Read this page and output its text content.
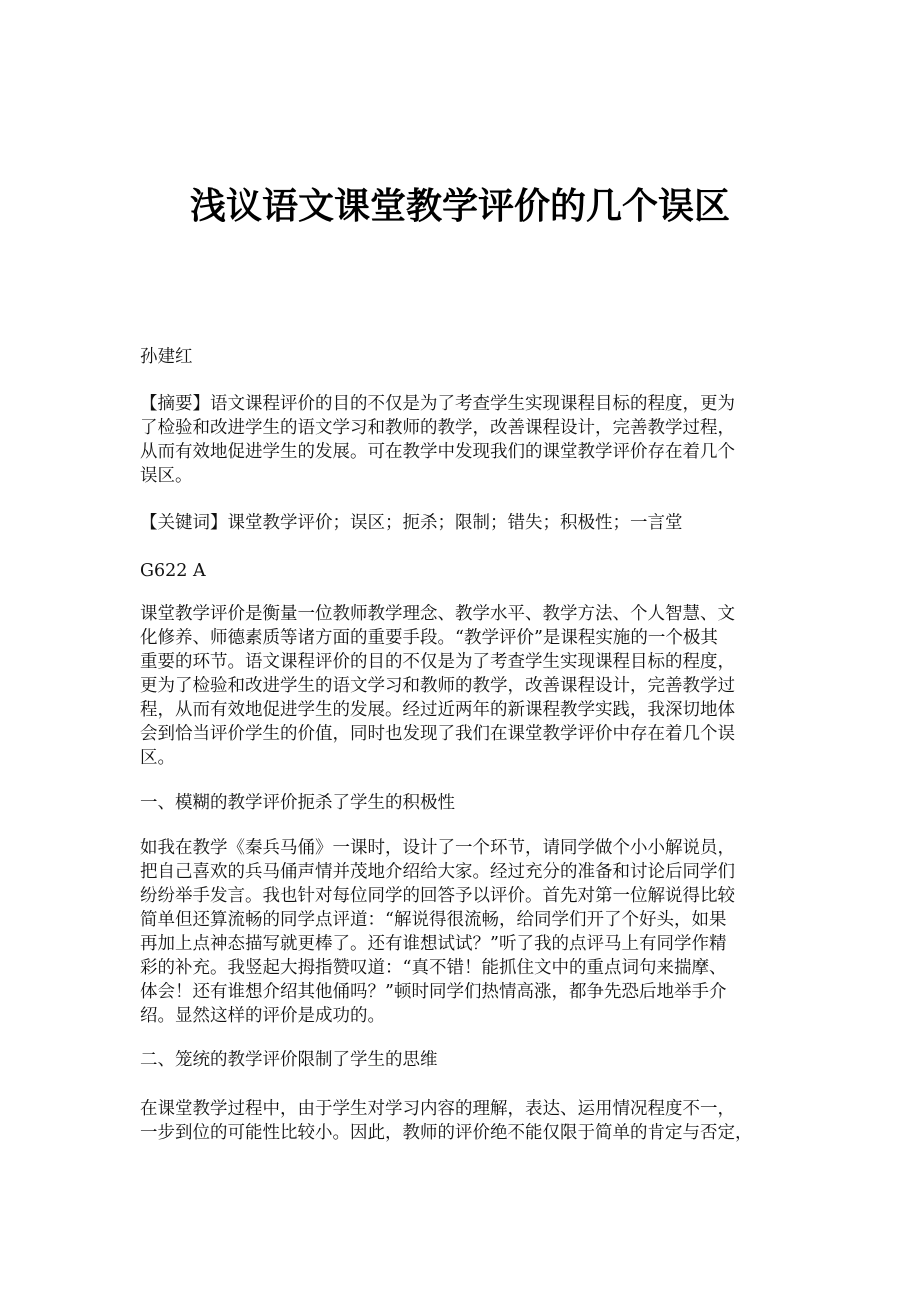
浅议语文课堂教学评价的几个误区

孙建红

【摘要】语文课程评价的目的不仅是为了考查学生实现课程目标的程度，更为
了检验和改进学生的语文学习和教师的教学，改善课程设计，完善教学过程，
从而有效地促进学生的发展。可在教学中发现我们的课堂教学评价存在着几个
误区。

【关键词】课堂教学评价；误区；扼杀；限制；错失；积极性；一言堂

G622 A

课堂教学评价是衡量一位教师教学理念、教学水平、教学方法、个人智慧、文
化修养、师德素质等诸方面的重要手段。“教学评价”是课程实施的一个极其
重要的环节。语文课程评价的目的不仅是为了考查学生实现课程目标的程度，
更为了检验和改进学生的语文学习和教师的教学，改善课程设计，完善教学过
程，从而有效地促进学生的发展。经过近两年的新课程教学实践，我深切地体
会到恰当评价学生的价值，同时也发现了我们在课堂教学评价中存在着几个误
区。

一、模糊的教学评价扼杀了学生的积极性

如我在教学《秦兵马俑》一课时，设计了一个环节，请同学做个小小解说员，
把自己喜欢的兵马俑声情并茂地介绍给大家。经过充分的准备和讨论后同学们
纷纷举手发言。我也针对每位同学的回答予以评价。首先对第一位解说得比较
简单但还算流畅的同学点评道：“解说得很流畅，给同学们开了个好头，如果
再加上点神态描写就更棒了。还有谁想试试？”听了我的点评马上有同学作精
彩的补充。我竖起大拇指赞叹道：“真不错！能抓住文中的重点词句来揣摩、
体会！还有谁想介绍其他俑吗？”顿时同学们热情高涨，都争先恐后地举手介
绍。显然这样的评价是成功的。

二、笼统的教学评价限制了学生的思维

在课堂教学过程中，由于学生对学习内容的理解，表达、运用情况程度不一，
一步到位的可能性比较小。因此，教师的评价绝不能仅限于简单的肯定与否定，
